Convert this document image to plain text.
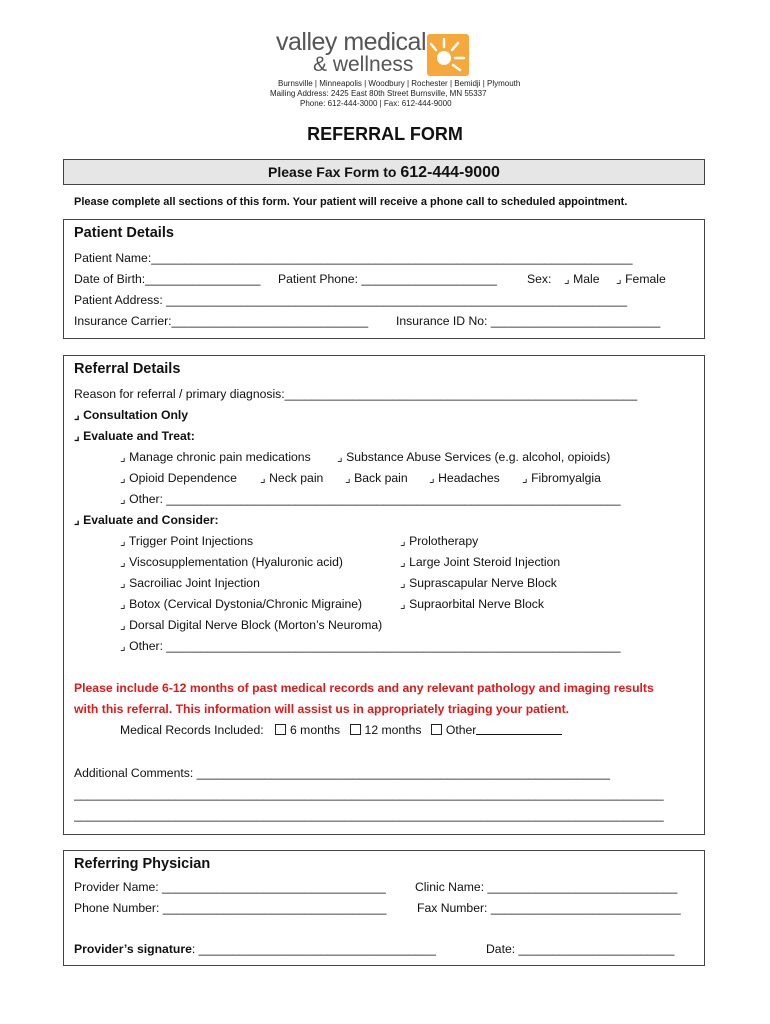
valley medical
& wellness
Burnsville | Minneapolis | Woodbury | Rochester | Bemidji | Plymouth
Mailing Address: 2425 East 80th Street Burnsville, MN 55337
Phone: 612-444-3000 | Fax: 612-444-9000
REFERRAL FORM
Please Fax Form to 612-444-9000
Please complete all sections of this form. Your patient will receive a phone call to scheduled appointment.
Patient Details
Patient Name:_______________________________________________________________________
Date of Birth:_________________ Patient Phone: ____________________ Sex: ⌟ Male ⌟ Female
Patient Address: ____________________________________________________________________
Insurance Carrier:_____________________________ Insurance ID No: _________________________
Referral Details
Reason for referral / primary diagnosis:____________________________________________________
⌟ Consultation Only
⌟ Evaluate and Treat:
⌟ Manage chronic pain medications ⌟ Substance Abuse Services (e.g. alcohol, opioids)
⌟ Opioid Dependence ⌟ Neck pain ⌟ Back pain ⌟ Headaches ⌟ Fibromyalgia
⌟ Other: ___________________________________________________________________
⌟ Evaluate and Consider:
⌟ Trigger Point Injections
⌟ Viscosupplementation (Hyaluronic acid)
⌟ Sacroiliac Joint Injection
⌟ Botox (Cervical Dystonia/Chronic Migraine)
⌟ Dorsal Digital Nerve Block (Morton’s Neuroma)
⌟ Prolotherapy
⌟ Large Joint Steroid Injection
⌟ Suprascapular Nerve Block
⌟ Supraorbital Nerve Block
⌟ Other: ___________________________________________________________________
Please include 6-12 months of past medical records and any relevant pathology and imaging results
with this referral. This information will assist us in appropriately triaging your patient.
Medical Records Included: 6 months 12 months Other
Additional Comments: _____________________________________________________________
_______________________________________________________________________________________
_______________________________________________________________________________________
Referring Physician
Provider Name: _________________________________ Clinic Name: ____________________________
Phone Number: _________________________________	Fax Number: ____________________________
Provider’s signature: ___________________________________	Date: _______________________
